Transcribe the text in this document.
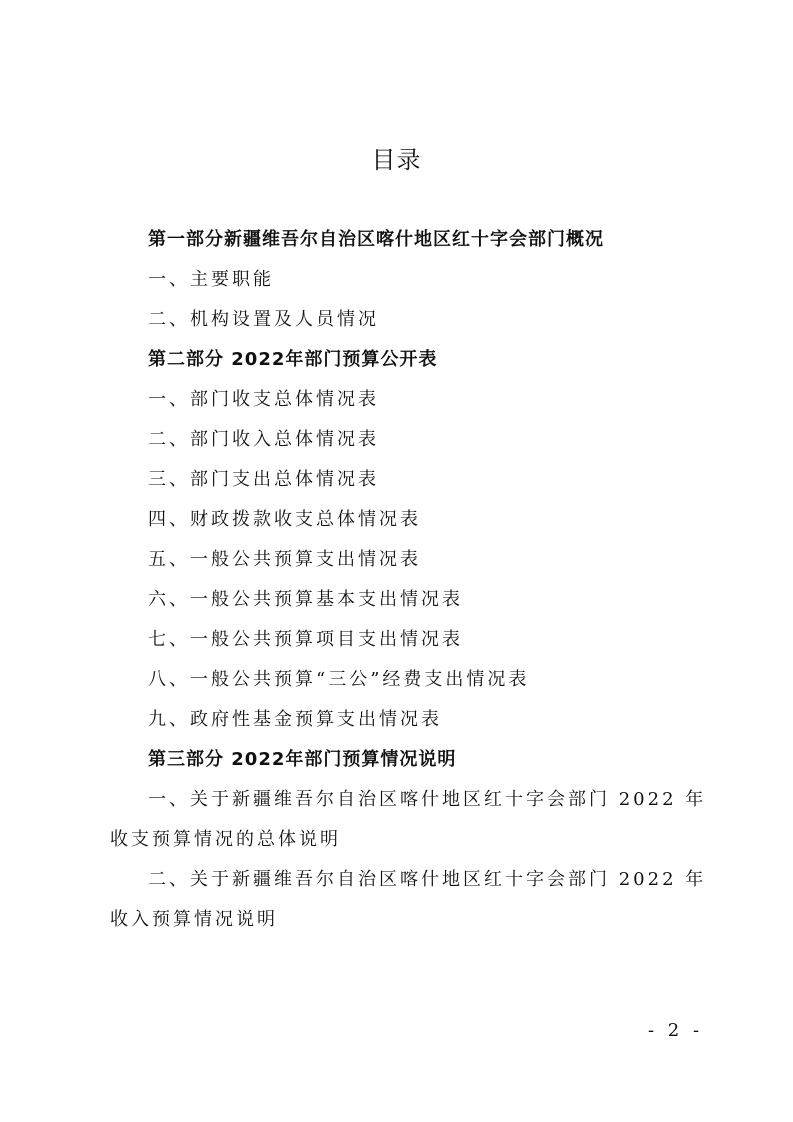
目录
第一部分新疆维吾尔自治区喀什地区红十字会部门概况
一、主要职能
二、机构设置及人员情况
第二部分 2022年部门预算公开表
一、部门收支总体情况表
二、部门收入总体情况表
三、部门支出总体情况表
四、财政拨款收支总体情况表
五、一般公共预算支出情况表
六、一般公共预算基本支出情况表
七、一般公共预算项目支出情况表
八、一般公共预算“三公”经费支出情况表
九、政府性基金预算支出情况表
第三部分 2022年部门预算情况说明
一、关于新疆维吾尔自治区喀什地区红十字会部门 2022 年
收支预算情况的总体说明
二、关于新疆维吾尔自治区喀什地区红十字会部门 2022 年
收入预算情况说明
- 2 -
